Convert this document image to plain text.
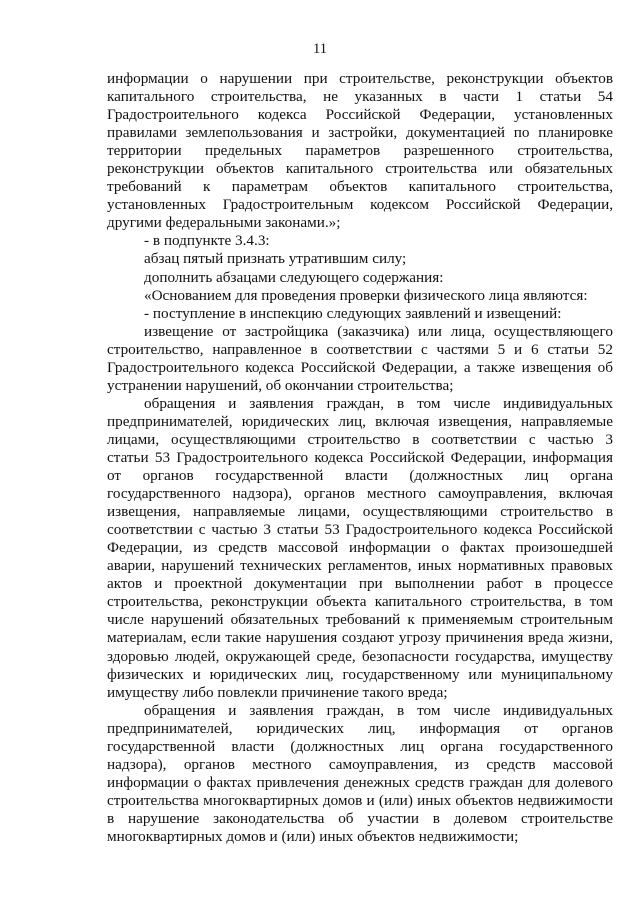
11
информации о нарушении при строительстве, реконструкции объектов
капитального строительства, не указанных в части 1 статьи 54
Градостроительного кодекса Российской Федерации, установленных
правилами землепользования и застройки, документацией по планировке
территории предельных параметров разрешенного строительства,
реконструкции объектов капитального строительства или обязательных
требований к параметрам объектов капитального строительства,
установленных Градостроительным кодексом Российской Федерации,
другими федеральными законами.»;
- в подпункте 3.4.3:
абзац пятый признать утратившим силу;
дополнить абзацами следующего содержания:
«Основанием для проведения проверки физического лица являются:
- поступление в инспекцию следующих заявлений и извещений:
извещение от застройщика (заказчика) или лица, осуществляющего
строительство, направленное в соответствии с частями 5 и 6 статьи 52
Градостроительного кодекса Российской Федерации, а также извещения об
устранении нарушений, об окончании строительства;
обращения и заявления граждан, в том числе индивидуальных
предпринимателей, юридических лиц, включая извещения, направляемые
лицами, осуществляющими строительство в соответствии с частью 3
статьи 53 Градостроительного кодекса Российской Федерации, информация
от органов государственной власти (должностных лиц органа
государственного надзора), органов местного самоуправления, включая
извещения, направляемые лицами, осуществляющими строительство в
соответствии с частью 3 статьи 53 Градостроительного кодекса Российской
Федерации, из средств массовой информации о фактах произошедшей
аварии, нарушений технических регламентов, иных нормативных правовых
актов и проектной документации при выполнении работ в процессе
строительства, реконструкции объекта капитального строительства, в том
числе нарушений обязательных требований к применяемым строительным
материалам, если такие нарушения создают угрозу причинения вреда жизни,
здоровью людей, окружающей среде, безопасности государства, имуществу
физических и юридических лиц, государственному или муниципальному
имуществу либо повлекли причинение такого вреда;
обращения и заявления граждан, в том числе индивидуальных
предпринимателей, юридических лиц, информация от органов
государственной власти (должностных лиц органа государственного
надзора), органов местного самоуправления, из средств массовой
информации о фактах привлечения денежных средств граждан для долевого
строительства многоквартирных домов и (или) иных объектов недвижимости
в нарушение законодательства об участии в долевом строительстве
многоквартирных домов и (или) иных объектов недвижимости;
